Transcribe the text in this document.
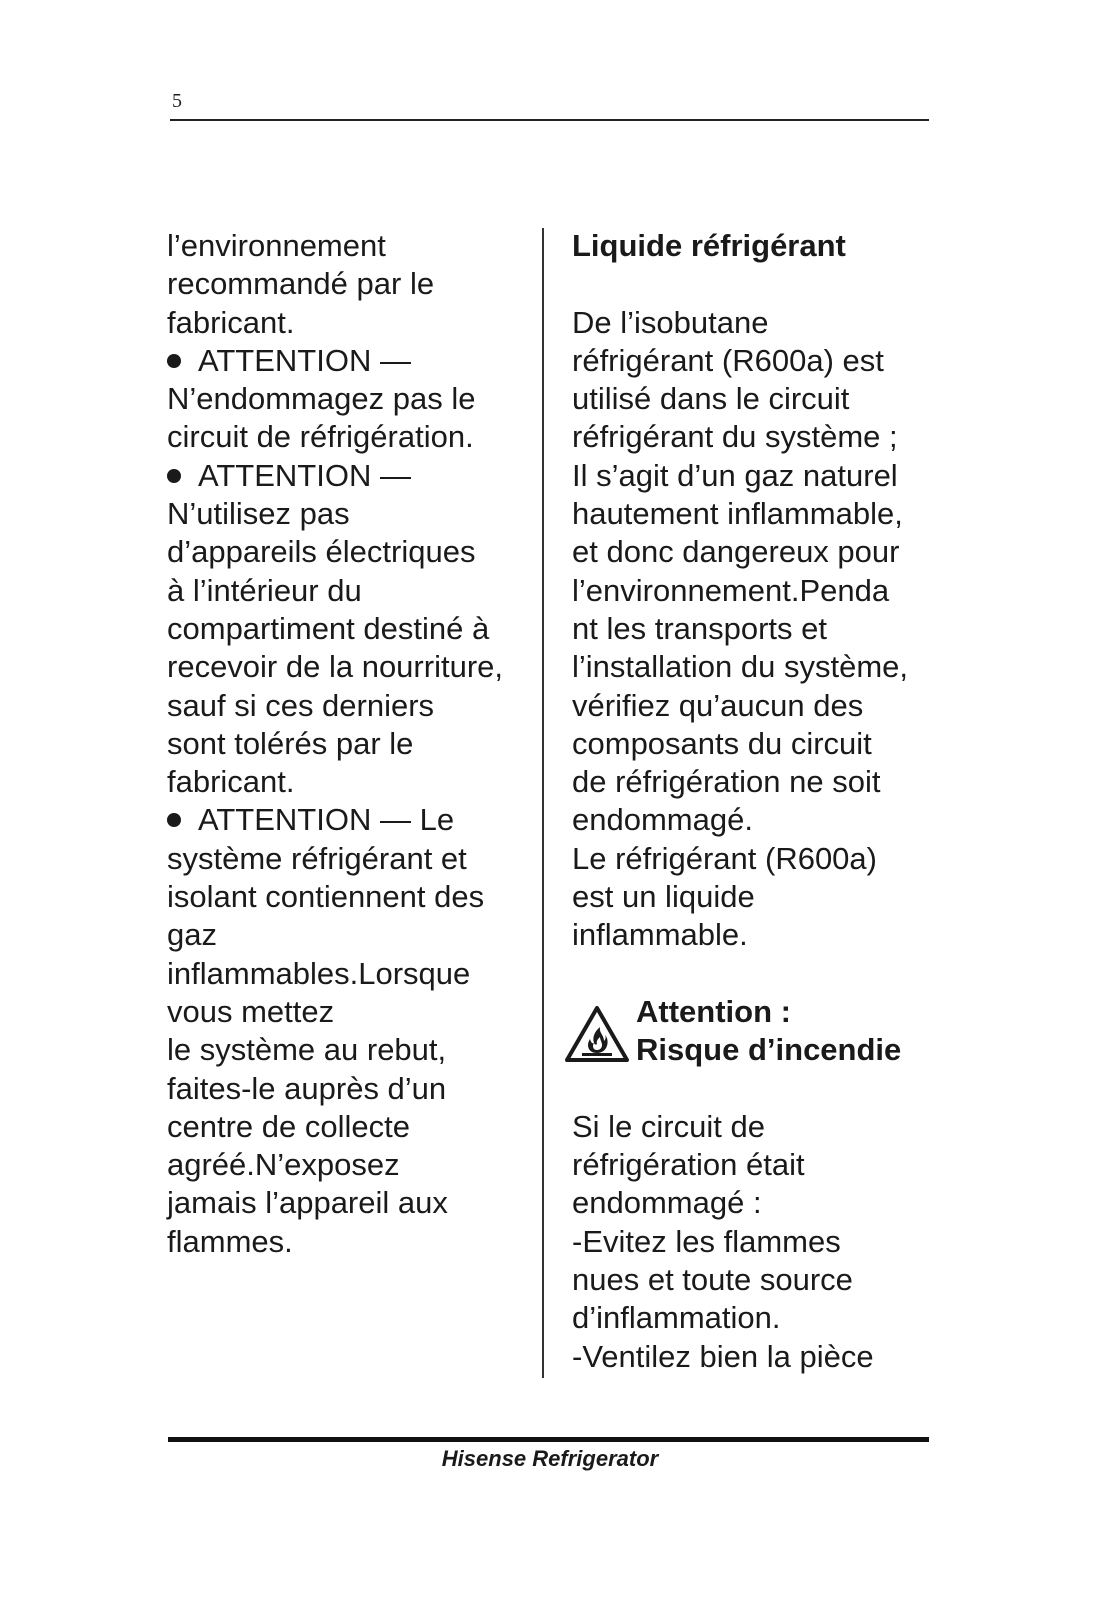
5
l’environnement
recommandé par le
fabricant.
ATTENTION —
N’endommagez pas le
circuit de réfrigération.
ATTENTION —
N’utilisez pas
d’appareils électriques
à l’intérieur du
compartiment destiné à
recevoir de la nourriture,
sauf si ces derniers
sont tolérés par le
fabricant.
ATTENTION — Le
système réfrigérant et
isolant contiennent des
gaz
inflammables.Lorsque
vous mettez
le système au rebut,
faites-le auprès d’un
centre de collecte
agréé.N’exposez
jamais l’appareil aux
flammes.
Liquide réfrigérant
De l’isobutane
réfrigérant (R600a) est
utilisé dans le circuit
réfrigérant du système ;
Il s’agit d’un gaz naturel
hautement inflammable,
et donc dangereux pour
l’environnement.Penda
nt les transports et
l’installation du système,
vérifiez qu’aucun des
composants du circuit
de réfrigération ne soit
endommagé.
Le réfrigérant (R600a)
est un liquide
inflammable.
Attention :
Risque d’incendie
Si le circuit de
réfrigération était
endommagé :
-Evitez les flammes
nues et toute source
d’inflammation.
-Ventilez bien la pièce
Hisense Refrigerator
